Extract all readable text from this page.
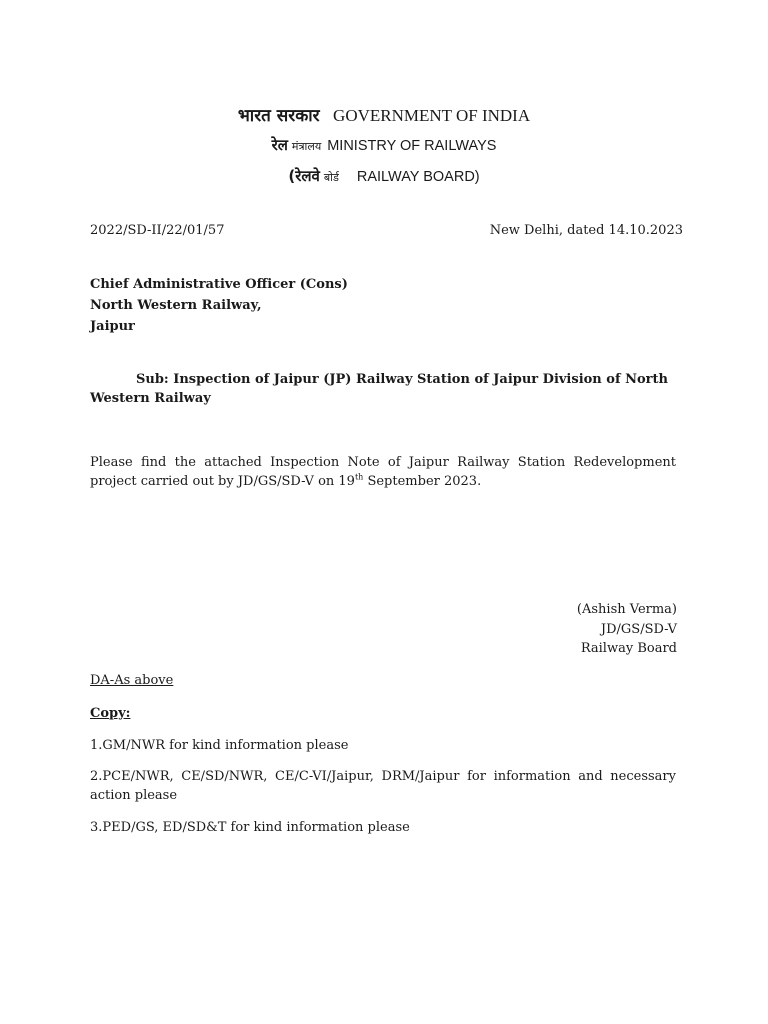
भारत सरकार GOVERNMENT OF INDIA
रेल मंत्रालय MINISTRY OF RAILWAYS
(रेलवे बोर्ड RAILWAY BOARD)
2022/SD-II/22/01/57	New Delhi, dated 14.10.2023
Chief Administrative Officer (Cons)
North Western Railway,
Jaipur
Sub: Inspection of Jaipur (JP) Railway Station of Jaipur Division of North Western Railway
Please find the attached Inspection Note of Jaipur Railway Station Redevelopment project carried out by JD/GS/SD-V on 19th September 2023.
(Ashish Verma)
JD/GS/SD-V
Railway Board
DA-As above
Copy:
1.GM/NWR for kind information please
2.PCE/NWR, CE/SD/NWR, CE/C-VI/Jaipur, DRM/Jaipur for information and necessary action please
3.PED/GS, ED/SD&T for kind information please
